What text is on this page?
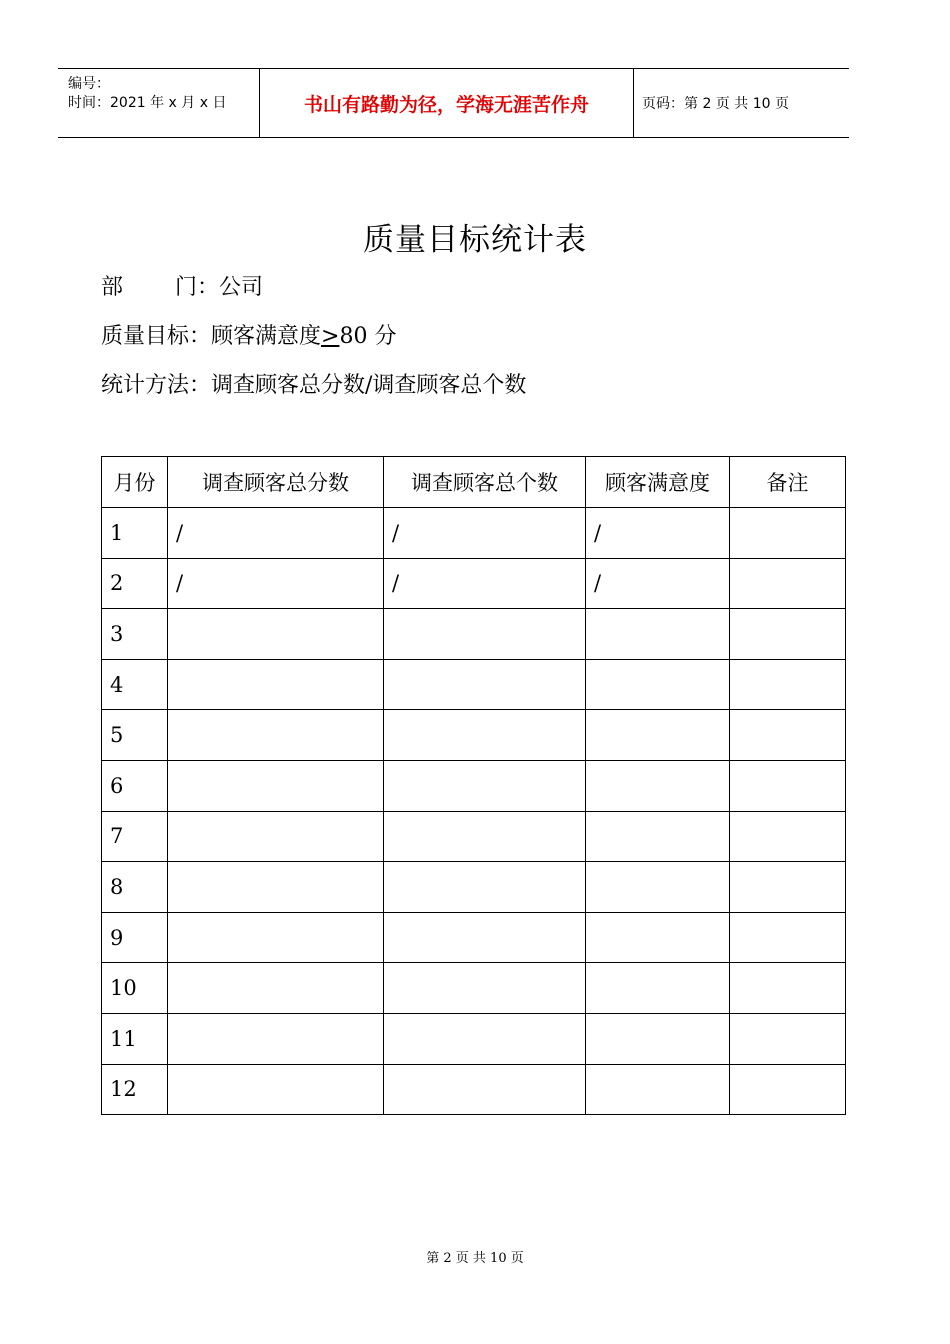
编号：
时间：2021 年 x 月 x 日	书山有路勤为径，学海无涯苦作舟	页码：第 2 页 共 10 页
质量目标统计表
部 门：公司
质量目标：顾客满意度>80 分
统计方法：调查顾客总分数/调查顾客总个数
月份	调查顾客总分数	调查顾客总个数	顾客满意度	备注
1	/	/	/	
2	/	/	/	
3				
4				
5				
6				
7				
8				
9				
10				
11				
12				
第 2 页 共 10 页
